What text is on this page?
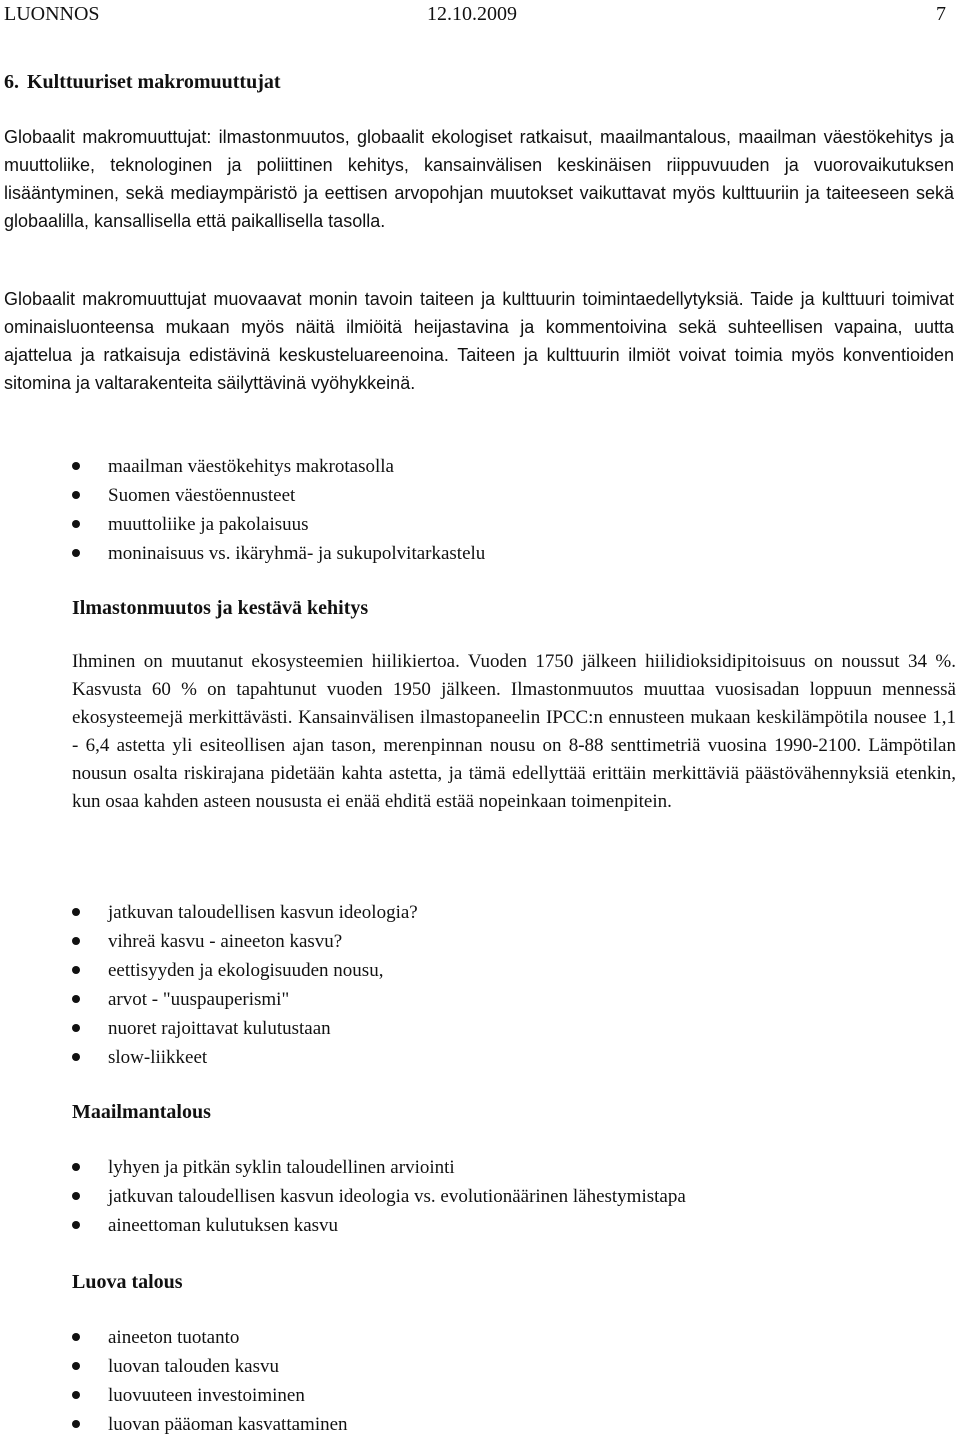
LUONNOS	12.10.2009	7
6. Kulttuuriset makromuuttujat

Globaalit makromuuttujat: ilmastonmuutos, globaalit ekologiset ratkaisut, maailmantalous, maailman väestökehitys ja muuttoliike, teknologinen ja poliittinen kehitys, kansainvälisen keskinäisen riippuvuuden ja vuorovaikutuksen lisääntyminen, sekä mediaympäristö ja eettisen arvopohjan muutokset vaikuttavat myös kulttuuriin ja taiteeseen sekä globaalilla, kansallisella että paikallisella tasolla.

Globaalit makromuuttujat muovaavat monin tavoin taiteen ja kulttuurin toimintaedellytyksiä. Taide ja kulttuuri toimivat ominaisluonteensa mukaan myös näitä ilmiöitä heijastavina ja kommentoivina sekä suhteellisen vapaina, uutta ajattelua ja ratkaisuja edistävinä keskusteluareenoina. Taiteen ja kulttuurin ilmiöt voivat toimia myös konventioiden sitomina ja valtarakenteita säilyttävinä vyöhykkeinä.

maailman väestökehitys makrotasolla
Suomen väestöennusteet
muuttoliike ja pakolaisuus
moninaisuus vs. ikäryhmä- ja sukupolvitarkastelu

Ilmastonmuutos ja kestävä kehitys

Ihminen on muutanut ekosysteemien hiilikiertoa. Vuoden 1750 jälkeen hiilidioksidipitoisuus on noussut 34 %. Kasvusta 60 % on tapahtunut vuoden 1950 jälkeen. Ilmastonmuutos muuttaa vuosisadan loppuun mennessä ekosysteemejä merkittävästi. Kansainvälisen ilmastopaneelin IPCC:n ennusteen mukaan keskilämpötila nousee 1,1 - 6,4 astetta yli esiteollisen ajan tason, merenpinnan nousu on 8-88 senttimetriä vuosina 1990-2100. Lämpötilan nousun osalta riskirajana pidetään kahta astetta, ja tämä edellyttää erittäin merkittäviä päästövähennyksiä etenkin, kun osaa kahden asteen noususta ei enää ehditä estää nopeinkaan toimenpitein.

jatkuvan taloudellisen kasvun ideologia?
vihreä kasvu - aineeton kasvu?
eettisyyden ja ekologisuuden nousu,
arvot - "uuspauperismi"
nuoret rajoittavat kulutustaan
slow-liikkeet

Maailmantalous

lyhyen ja pitkän syklin taloudellinen arviointi
jatkuvan taloudellisen kasvun ideologia vs. evolutionäärinen lähestymistapa
aineettoman kulutuksen kasvu

Luova talous

aineeton tuotanto
luovan talouden kasvu
luovuuteen investoiminen
luovan pääoman kasvattaminen
